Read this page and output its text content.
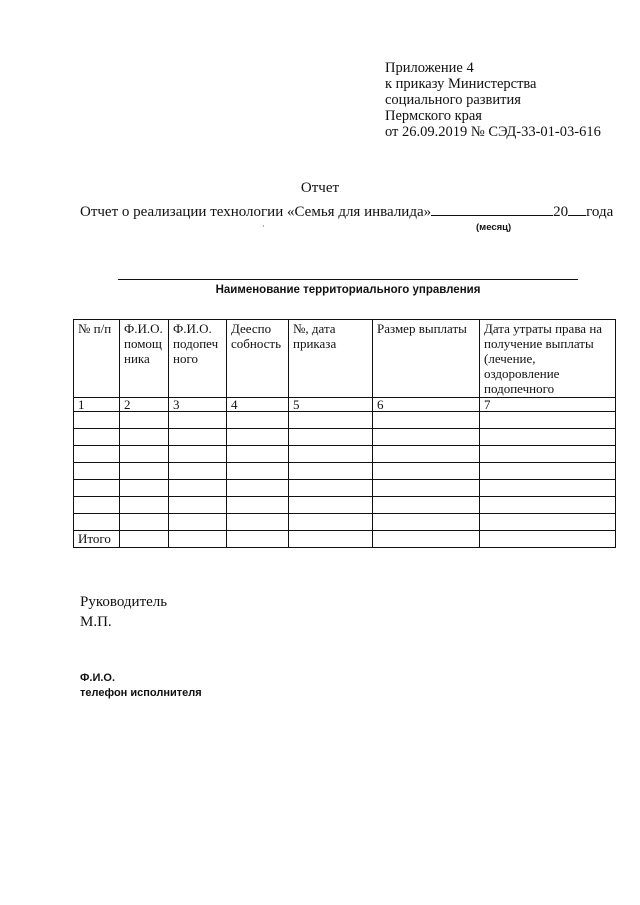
Приложение 4
к приказу Министерства
социального развития
Пермского края
от 26.09.2019 № СЭД-33-01-03-616
Отчет
Отчет о реализации технологии «Семья для инвалида»	20 года
·	(месяц)
Наименование территориального управления
№ п/п	Ф.И.О. помощ ника	Ф.И.О. подопеч ного	Дееспо собность	№, дата приказа	Размер выплаты	Дата утраты права на получение выплаты (лечение, оздоровление подопечного
1	2	3	4	5	6	7

Итого						
Руководитель
М.П.
Ф.И.О.
телефон исполнителя
